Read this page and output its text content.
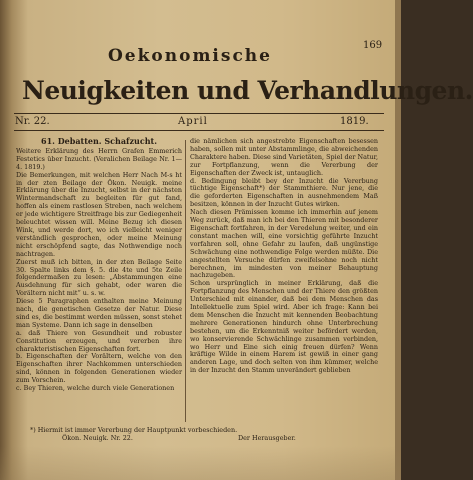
169
Oekonomische
Neuigkeiten und Verhandlungen.
Nr. 22.	April	1819.
61. Debatten. Schafzucht.

Weitere Erklärung des Herrn Grafen Emmerich Festetics über Inzucht. (Veralichen Beilage Nr. 1—4. 1819.)

Die Bemerkungen, mit welchen Herr Nach M-s ht in der zten Beilage der Ökon. Neuigk. meine Erklärung über die Inzucht, selbst in der nächsten Wintermandschaft zu begleiten für gut fand, hoffen als einem rastlosen Streben, nach welchem er jede wichtigere Streitfrage bis zur Gediegenheit beleuchtet wissen will. Meine Bezug ich diesen Wink, und werde dort, wo ich vielleicht weniger verständlich gesprochen, oder meine Meinung nicht erschöpfend sagte, das Nothwendige noch nachtragen.

Zuerst muß ich bitten, in der zten Beilage Seite 30. Spalte links dem §. 5. die 4te und 5te Zeile folgendermaßen zu lesen: „Abstammungen eine Ausdehnung für sich gehabt, oder waren die Vorältern nicht mit“ u. s. w.

Diese 5 Paragraphen enthalten meine Meinung nach, die genetischen Gesetze der Natur. Diese sind es, die bestimmt werden müssen, sonst stehet man Systeme. Dann ich sage in denselben

a. daß Thiere von Gesundheit und robuster Constitution erzeugen, und vererben ihre charakteristischen Eigenschaften fort.

b. Eigenschaften der Vorältern, welche von den Eigenschaften ihrer Nachkommen unterschieden sind, können in folgenden Generationen wieder zum Vorschein.

c. Bey Thieren, welche durch viele Generationen

die nämlichen sich angestrebte Eigenschaften besessen haben, sollen mit unter Abstammlinge, die abweichenden Charaktere haben. Diese sind Varietäten, Spiel der Natur, zur Fortpflanzung, wenn die Vererbung der Eigenschaften der Zweck ist, untauglich.

d. Bedingung bleibt bey der Inzucht die Vererbung tüchtige Eigenschaft*) der Stammthiere. Nur jene, die die geforderten Eigenschaften in ausnehmendem Maß besitzen, können in der Inzucht Gutes wirken.

Nach diesen Prämissen komme ich immerhin auf jenem Weg zurück, daß man ich bei den Thieren mit besonderer Eigenschaft fortfahren, in der Veredelung weiter, und ein constant machen will, eine vorsichtig geführte Inzucht vorfahren soll, ohne Gefahr zu laufen, daß ungünstige Schwächung eine nothwendige Folge werden müßte. Die angestellten Versuche dürfen zweifelsohne noch nicht berechnen, im mindesten von meiner Behauptung nachzugeben.

Schon ursprünglich in meiner Erklärung, daß die Fortpflanzung des Menschen und der Thiere den größten Unterschied mit einander, daß bei dem Menschen das Intellektuelle zum Spiel wird. Aber ich frage: Kann bei dem Menschen die Inzucht mit kennenden Beobachtung mehrere Generationen hindurch ohne Unterbrechung bestehen, um die Erkenntniß weiter befördert werden, wo konservierende Schwächlinge zusammen verbinden, wo Herr und Eine sich einig freuen dürfen? Wenn kräftige Wilde in einem Harem ist gewiß in einer gang anderen Lage, und doch selten von ihm kümmer, welche in der Inzucht den Stamm unverändert geblieben

*) Hiermit ist immer Vererbung der Hauptpunkt vorbeschieden.
Ökon. Neuigk. Nr. 22.	Der Herausgeber.
